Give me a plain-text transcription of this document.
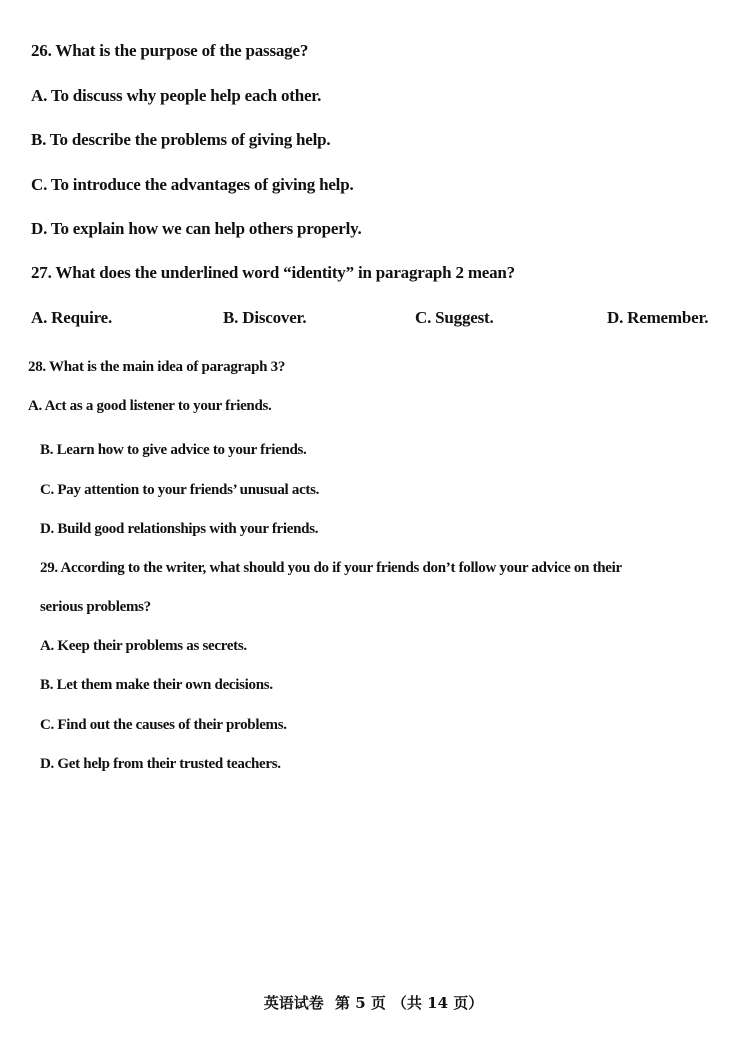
26. What is the purpose of the passage?
A. To discuss why people help each other.
B. To describe the problems of giving help.
C. To introduce the advantages of giving help.
D. To explain how we can help others properly.
27. What does the underlined word “identity” in paragraph 2 mean?
A. Require.	B. Discover.	C. Suggest.	D. Remember.
28. What is the main idea of paragraph 3?
A. Act as a good listener to your friends.
B. Learn how to give advice to your friends.
C. Pay attention to your friends’ unusual acts.
D. Build good relationships with your friends.
29. According to the writer, what should you do if your friends don’t follow your advice on their
serious problems?
A. Keep their problems as secrets.
B. Let them make their own decisions.
C. Find out the causes of their problems.
D. Get help from their trusted teachers.
英语试卷 第 5 页 （共 14 页）
